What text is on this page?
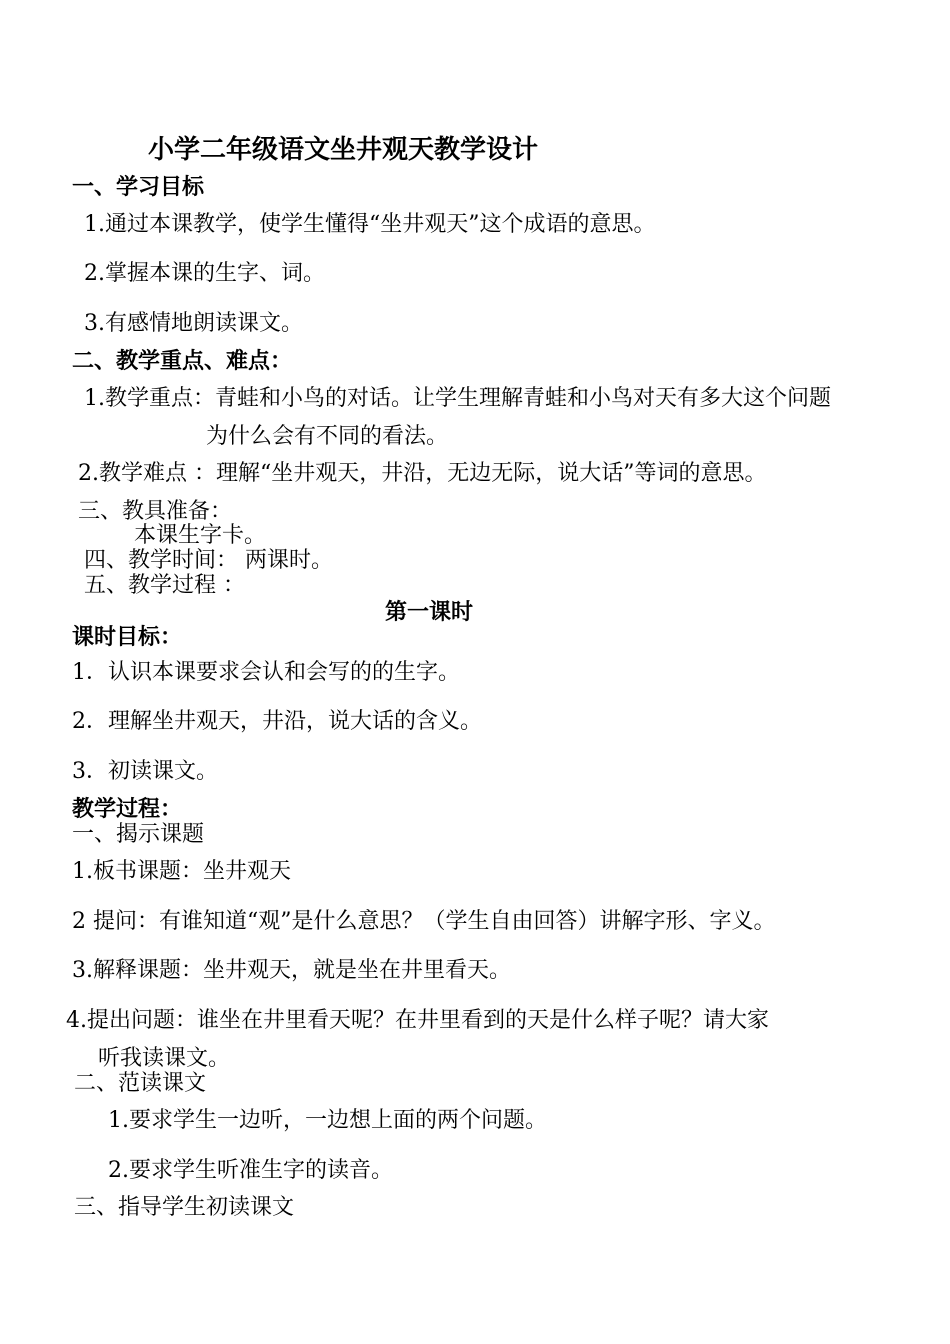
小学二年级语文坐井观天教学设计
一、学习目标
1.通过本课教学，使学生懂得“坐井观天”这个成语的意思。
2.掌握本课的生字、词。
3.有感情地朗读课文。
二、教学重点、难点：
1.教学重点：青蛙和小鸟的对话。让学生理解青蛙和小鸟对天有多大这个问题
为什么会有不同的看法。
2.教学难点 ：理解“坐井观天，井沿，无边无际，说大话”等词的意思。
三、教具准备：
本课生字卡。
四、教学时间： 两课时。
五、教学过程 ：
第一课时
课时目标：
1．认识本课要求会认和会写的的生字。
2．理解坐井观天，井沿，说大话的含义。
3．初读课文。
教学过程：
一、揭示课题
1.板书课题：坐井观天
2 提问：有谁知道“观”是什么意思？（学生自由回答）讲解字形、字义。
3.解释课题：坐井观天，就是坐在井里看天。
4.提出问题：谁坐在井里看天呢？在井里看到的天是什么样子呢？请大家
听我读课文。
二、范读课文
1.要求学生一边听，一边想上面的两个问题。
2.要求学生听准生字的读音。
三、指导学生初读课文
